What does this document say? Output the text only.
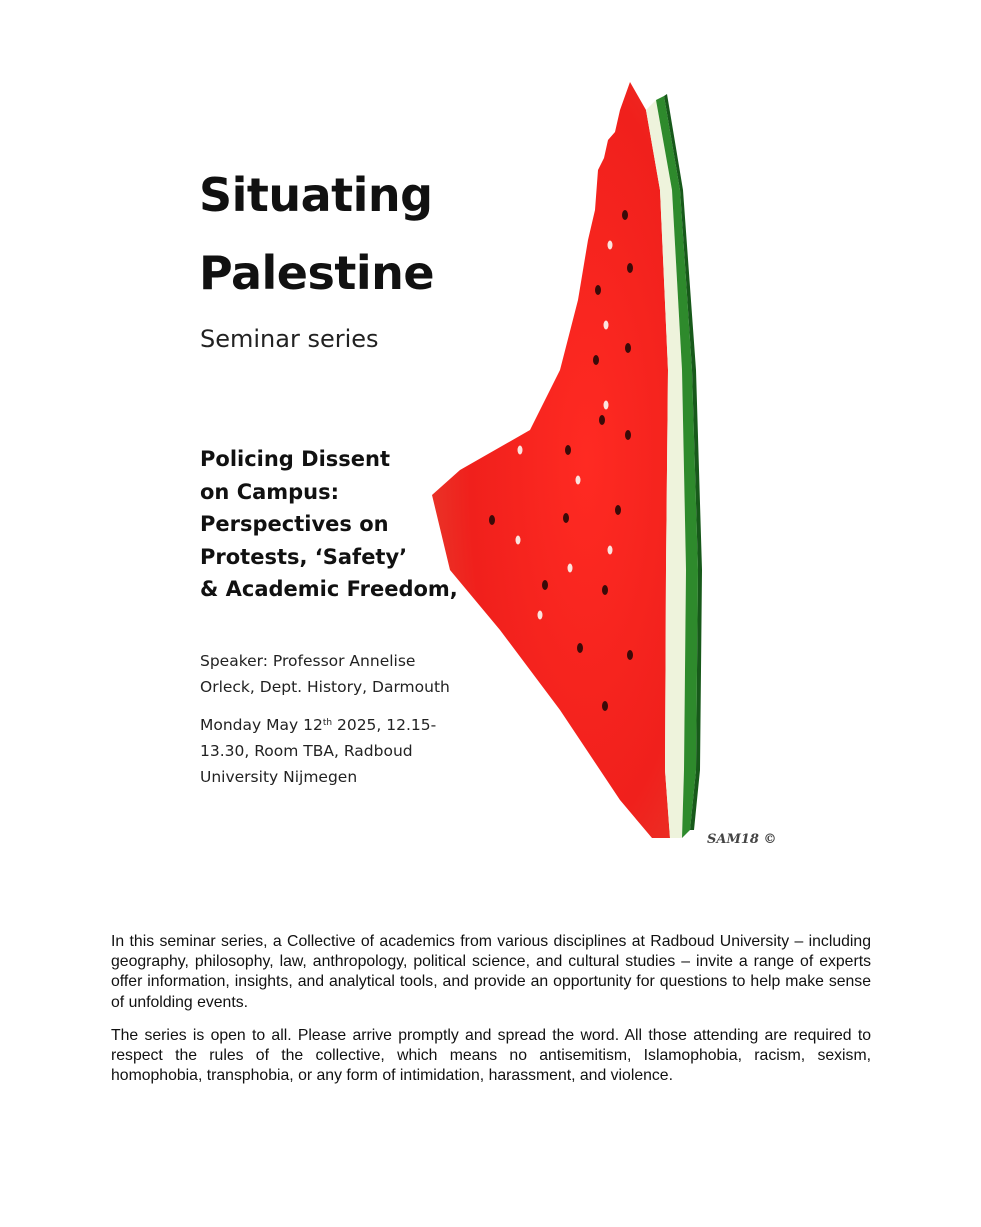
Situating
Palestine
Seminar series
Policing Dissent
on Campus:
Perspectives on
Protests, ‘Safety’
& Academic Freedom,
Speaker: Professor Annelise
Orleck, Dept. History, Darmouth
Monday May 12th 2025, 12.15-
13.30, Room TBA, Radboud
University Nijmegen
SAM18 ©

In this seminar series, a Collective of academics from various disciplines at Radboud University – including geography, philosophy, law, anthropology, political science, and cultural studies – invite a range of experts offer information, insights, and analytical tools, and provide an opportunity for questions to help make sense of unfolding events.

The series is open to all. Please arrive promptly and spread the word. All those attending are required to respect the rules of the collective, which means no antisemitism, Islamophobia, racism, sexism, homophobia, transphobia, or any form of intimidation, harassment, and violence.
